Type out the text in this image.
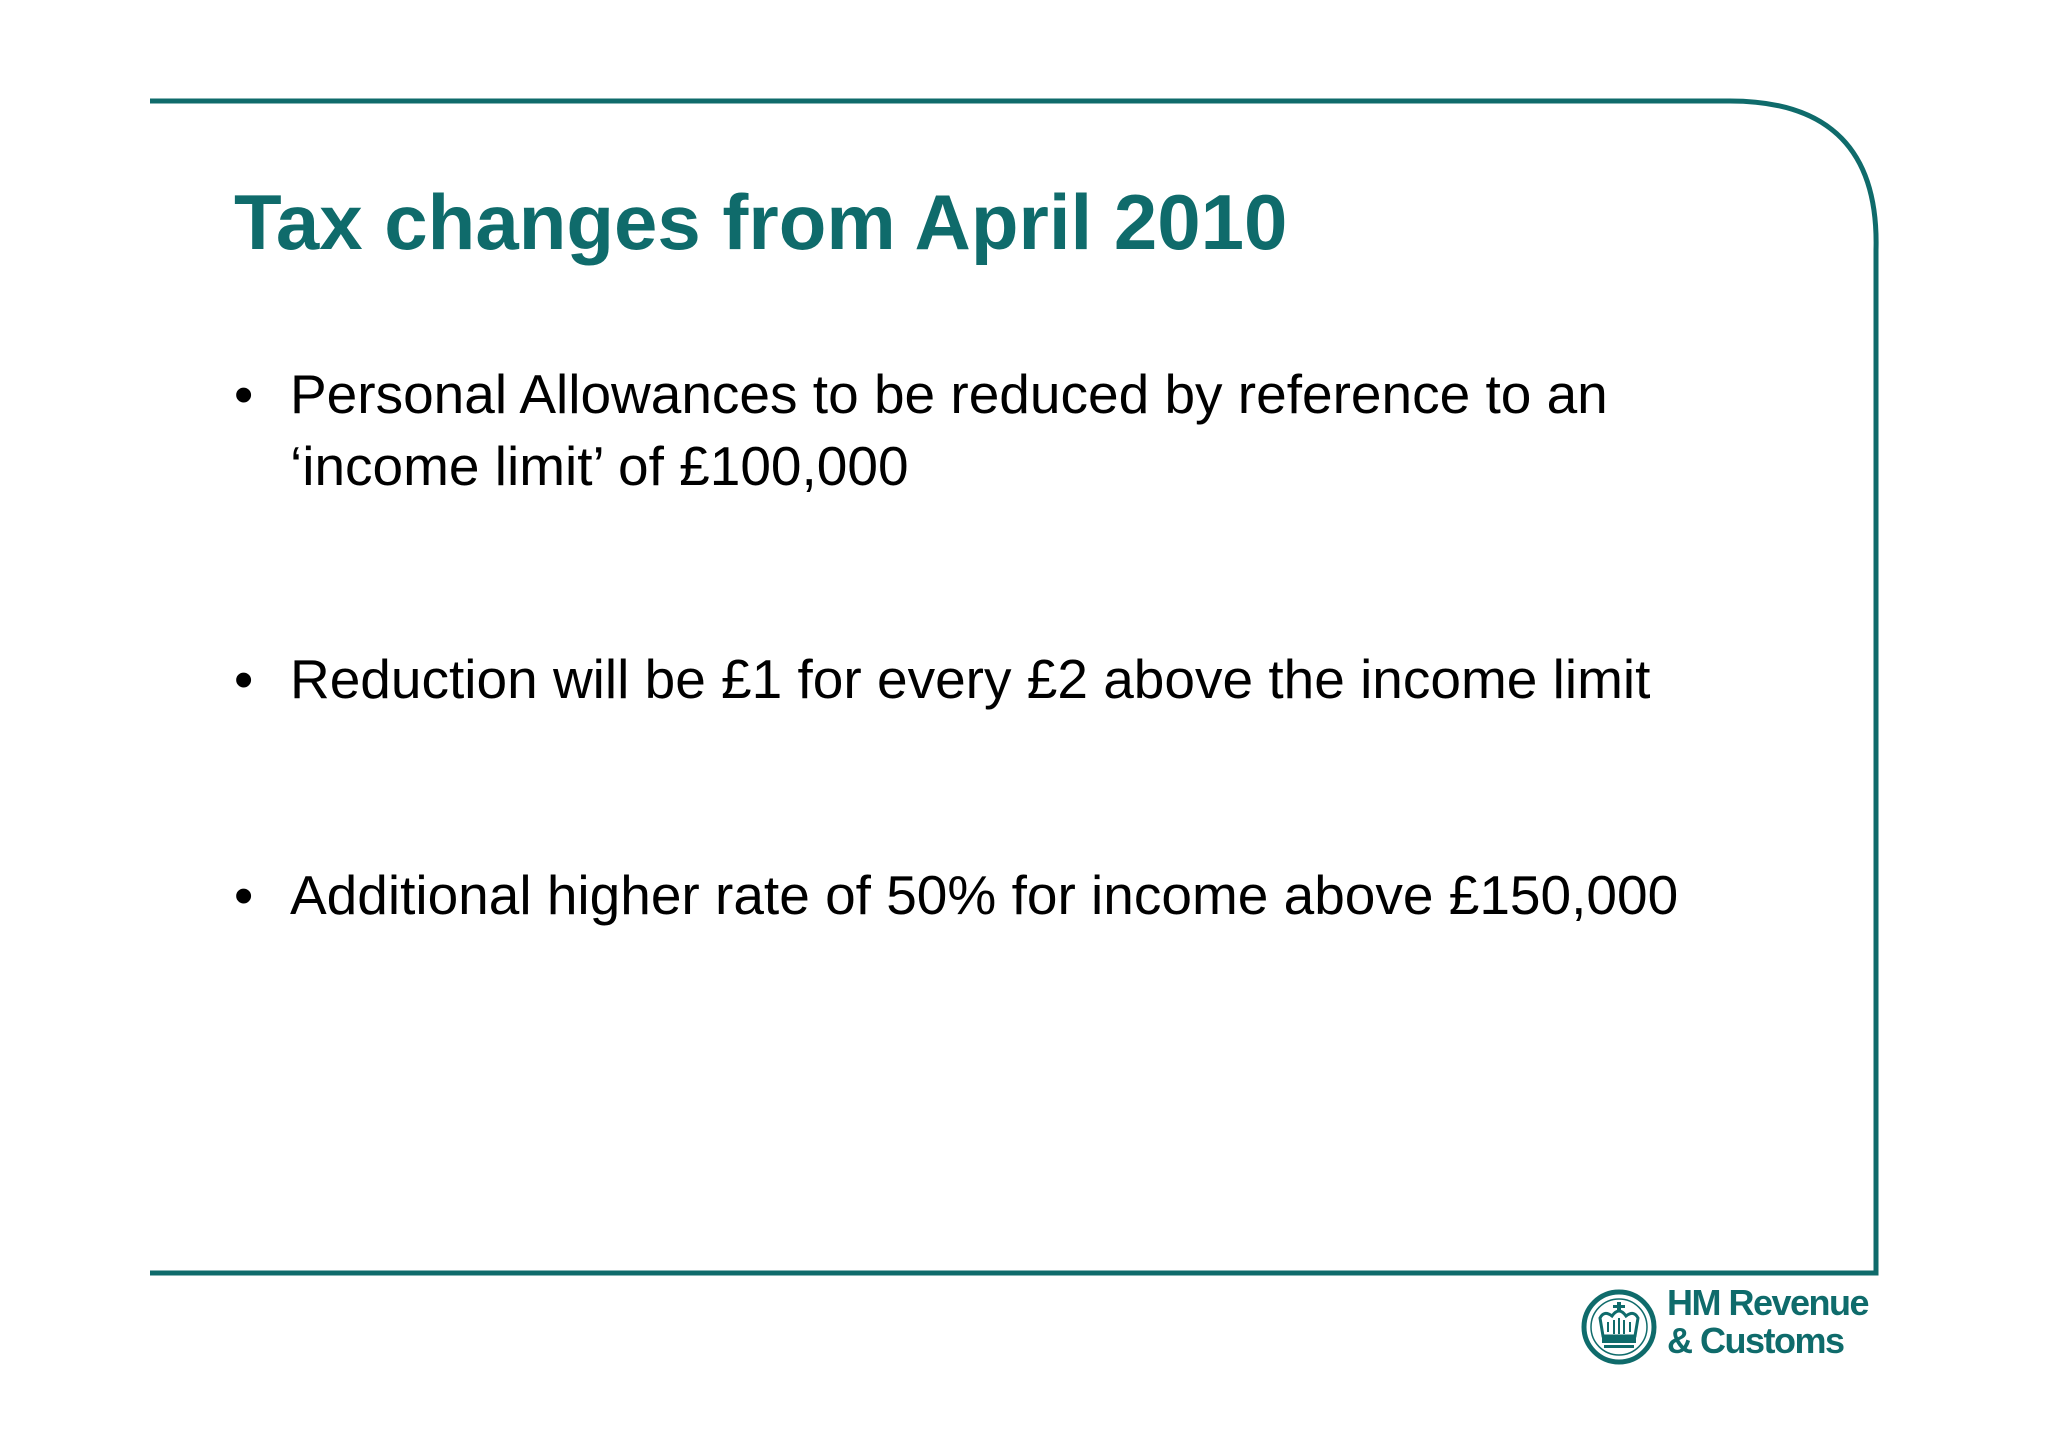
Tax changes from April 2010
• Personal Allowances to be reduced by reference to an ‘income limit’ of £100,000
• Reduction will be £1 for every £2 above the income limit
• Additional higher rate of 50% for income above £150,000
HM Revenue
& Customs
